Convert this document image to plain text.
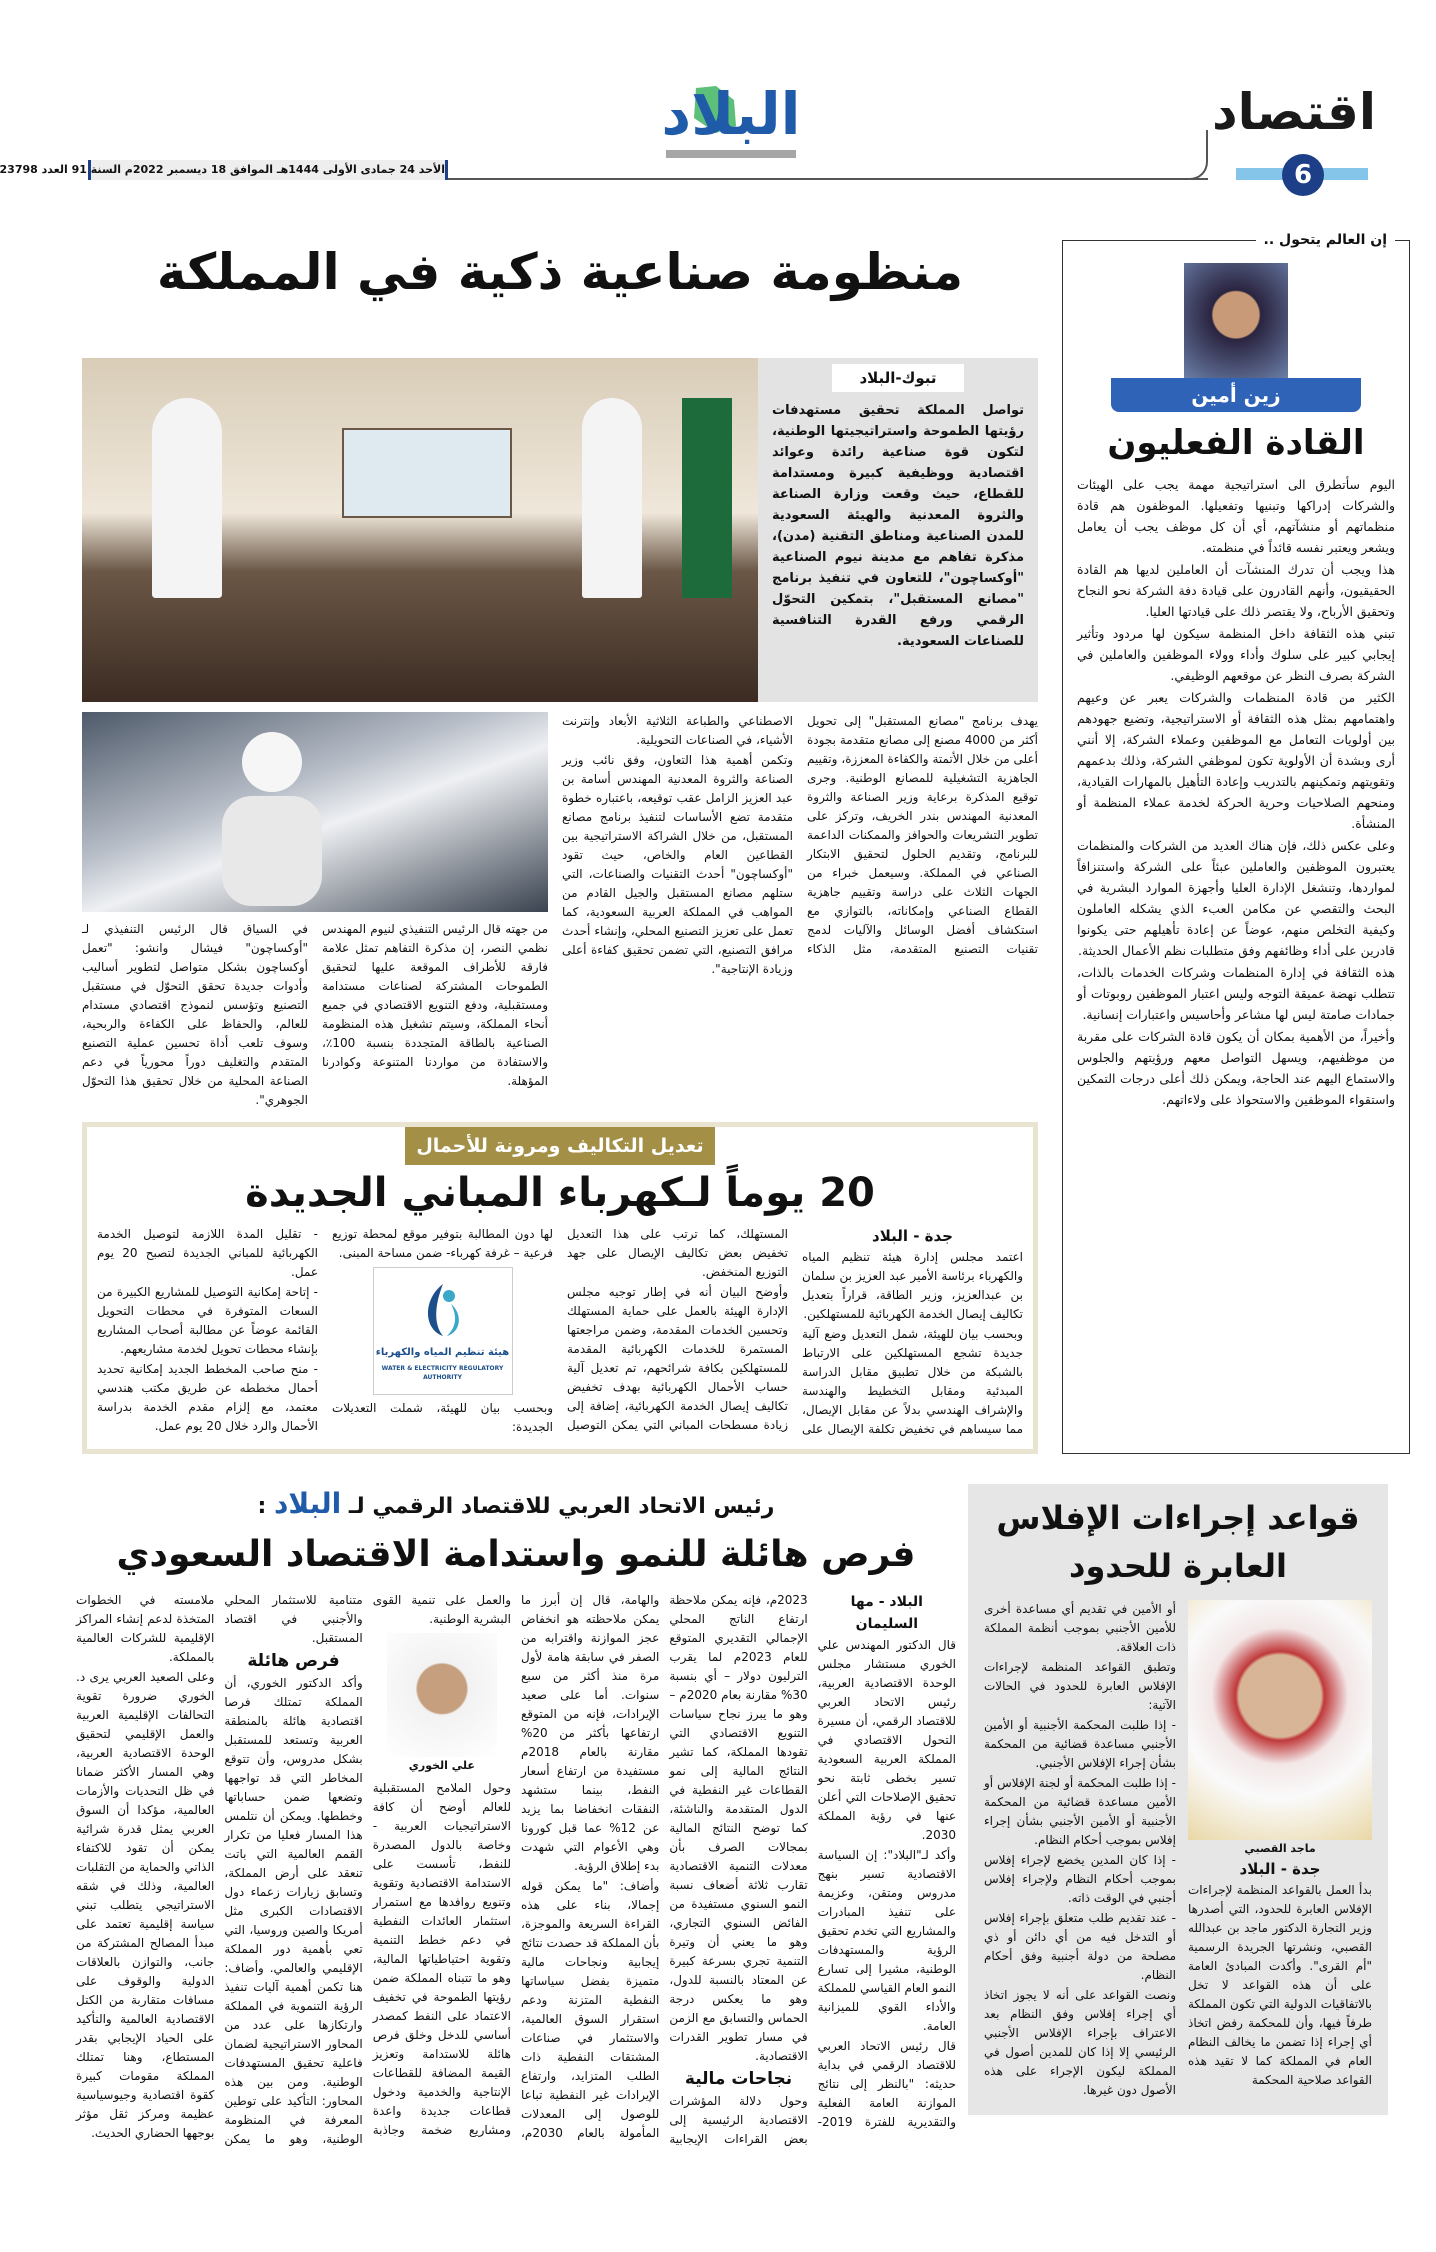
البلاد	اقتصاد
6
الأحد 24 جمادى الأولى 1444هـ الموافق 18 ديسمبر 2022م السنة 91 العدد 23798
إن العالم يتحول ..
زين أمين
القادة الفعليون

اليوم سأتطرق الى استراتيجية مهمة يجب على الهيئات والشركات إدراكها وتبنيها وتفعيلها. الموظفون هم قادة منظماتهم أو منشآتهم، أي أن كل موظف يجب أن يعامل ويشعر ويعتبر نفسه قائداً في منظمته.

هذا ويجب أن تدرك المنشآت أن العاملين لديها هم القادة الحقيقيون، وأنهم القادرون على قيادة دفة الشركة نحو النجاح وتحقيق الأرباح، ولا يقتصر ذلك على قيادتها العليا.

تبني هذه الثقافة داخل المنظمة سيكون لها مردود وتأثير إيجابي كبير على سلوك وأداء وولاء الموظفين والعاملين في الشركة بصرف النظر عن موقعهم الوظيفي.

الكثير من قادة المنظمات والشركات يعبر عن وعيهم واهتمامهم بمثل هذه الثقافة أو الاستراتيجية، وتضيع جهودهم بين أولويات التعامل مع الموظفين وعملاء الشركة، إلا أنني أرى وبشدة أن الأولوية تكون لموظفي الشركة، وذلك بدعمهم وتقويتهم وتمكينهم بالتدريب وإعادة التأهيل بالمهارات القيادية، ومنحهم الصلاحيات وحرية الحركة لخدمة عملاء المنظمة أو المنشأة.

وعلى عكس ذلك، فإن هناك العديد من الشركات والمنظمات يعتبرون الموظفين والعاملين عبئاً على الشركة واستنزافاً لمواردها، وتنشغل الإدارة العليا وأجهزة الموارد البشرية في البحث والتقصي عن مكامن العبء الذي يشكله العاملون وكيفية التخلص منهم، عوضاً عن إعادة تأهيلهم حتى يكونوا قادرين على أداء وظائفهم وفق متطلبات نظم الأعمال الحديثة.

هذه الثقافة في إدارة المنظمات وشركات الخدمات بالذات، تتطلب نهضة عميقة التوجه وليس اعتبار الموظفين روبوتات أو جمادات صامتة ليس لها مشاعر وأحاسيس واعتبارات إنسانية.

وأخيراً، من الأهمية بمكان أن يكون قادة الشركات على مقربة من موظفيهم، ويسهل التواصل معهم ورؤيتهم والجلوس والاستماع اليهم عند الحاجة، ويمكن ذلك أعلى درجات التمكين واستقواء الموظفين والاستحواذ على ولاءاتهم.

منظومة صناعية ذكية في المملكة
تبوك-البلاد
تواصل المملكة تحقيق مستهدفات رؤيتها الطموحة واستراتيجيتها الوطنية، لتكون قوة صناعية رائدة وعوائد اقتصادية ووظيفية كبيرة ومستدامة للقطاع، حيث وقعت وزارة الصناعة والثروة المعدنية والهيئة السعودية للمدن الصناعية ومناطق التقنية (مدن)، مذكرة تفاهم مع مدينة نيوم الصناعية "أوكساچون"، للتعاون في تنفيذ برنامج "مصانع المستقبل"، بتمكين التحوّل الرقمي ورفع القدرة التنافسية للصناعات السعودية.

يهدف برنامج "مصانع المستقبل" إلى تحويل أكثر من 4000 مصنع إلى مصانع متقدمة بجودة أعلى من خلال الأتمتة والكفاءة المعززة، وتقييم الجاهزية التشغيلية للمصانع الوطنية. وجرى توقيع المذكرة برعاية وزير الصناعة والثروة المعدنية المهندس بندر الخريف، وتركز على تطوير التشريعات والحوافز والممكنات الداعمة للبرنامج، وتقديم الحلول لتحقيق الابتكار الصناعي في المملكة. وسيعمل خبراء من الجهات الثلاث على دراسة وتقييم جاهزية القطاع الصناعي وإمكاناته، بالتوازي مع استكشاف أفضل الوسائل والآليات لدمج تقنيات التصنيع المتقدمة، مثل الذكاء الاصطناعي والطباعة الثلاثية الأبعاد وإنترنت الأشياء، في الصناعات التحويلية.

وتكمن أهمية هذا التعاون، وفق نائب وزير الصناعة والثروة المعدنية المهندس أسامة بن عبد العزيز الزامل عقب توقيعه، باعتباره خطوة متقدمة تضع الأساسات لتنفيذ برنامج مصانع المستقبل، من خلال الشراكة الاستراتيجية بين القطاعين العام والخاص، حيث تقود "أوكساچون" أحدث التقنيات والصناعات، التي ستلهم مصانع المستقبل والجيل القادم من المواهب في المملكة العربية السعودية، كما تعمل على تعزيز التصنيع المحلي، وإنشاء أحدث مرافق التصنيع، التي تضمن تحقيق كفاءة أعلى وزيادة الإنتاجية".

من جهته قال الرئيس التنفيذي لنيوم المهندس نظمي النصر، إن مذكرة التفاهم تمثل علامة فارقة للأطراف الموقعة عليها لتحقيق الطموحات المشتركة لصناعات مستدامة ومستقبلية، ودفع التنويع الاقتصادي في جميع أنحاء المملكة، وسيتم تشغيل هذه المنظومة الصناعية بالطاقة المتجددة بنسبة 100٪، والاستفادة من مواردنا المتنوعة وكوادرنا المؤهلة.

في السياق قال الرئيس التنفيذي لـ "أوكساچون" فيشال وانشو: "تعمل أوكساچون بشكل متواصل لتطوير أساليب وأدوات جديدة تحقق التحوّل في مستقبل التصنيع وتؤسس لنموذج اقتصادي مستدام للعالم، والحفاظ على الكفاءة والربحية، وسوف تلعب أداة تحسين عملية التصنيع المتقدم والتغليف دوراً محورياً في دعم الصناعة المحلية من خلال تحقيق هذا التحوّل الجوهري".

تعديل التكاليف ومرونة للأحمال
20 يوماً لـكهرباء المباني الجديدة

جدة - البلاد

اعتمد مجلس إدارة هيئة تنظيم المياه والكهرباء برئاسة الأمير عبد العزيز بن سلمان بن عبدالعزيز، وزير الطاقة، قراراً بتعديل تكاليف إيصال الخدمة الكهربائية للمستهلكين.

وبحسب بيان للهيئة، شمل التعديل وضع آلية جديدة تشجع المستهلكين على الارتباط بالشبكة من خلال تطبيق مقابل الدراسة المبدئية ومقابل التخطيط والهندسة والإشراف الهندسي بدلاً عن مقابل الإيصال، مما سيساهم في تخفيض تكلفة الإيصال على المستهلك، كما ترتب على هذا التعديل تخفيض بعض تكاليف الإيصال على جهد التوزيع المنخفض.

وأوضح البيان أنه في إطار توجيه مجلس الإدارة الهيئة بالعمل على حماية المستهلك وتحسين الخدمات المقدمة، وضمن مراجعتها المستمرة للخدمات الكهربائية المقدمة للمستهلكين بكافة شرائحهم، تم تعديل آلية حساب الأحمال الكهربائية بهدف تخفيض تكاليف إيصال الخدمة الكهربائية، إضافة إلى زيادة مسطحات المباني التي يمكن التوصيل لها دون المطالبة بتوفير موقع لمحطة توزيع فرعية – غرفة كهرباء- ضمن مساحة المبنى.

هيئة تنظيم المياه والكهرباء
WATER & ELECTRICITY REGULATORY AUTHORITY

وبحسب بيان للهيئة، شملت التعديلات الجديدة:

- تقليل المدة اللازمة لتوصيل الخدمة الكهربائية للمباني الجديدة لتصبح 20 يوم عمل.

- إتاحة إمكانية التوصيل للمشاريع الكبيرة من السعات المتوفرة في محطات التحويل القائمة عوضاً عن مطالبة أصحاب المشاريع بإنشاء محطات تحويل لخدمة مشاريعهم.

- منح صاحب المخطط الجديد إمكانية تحديد أحمال مخططه عن طريق مكتب هندسي معتمد، مع إلزام مقدم الخدمة بدراسة الأحمال والرد خلال 20 يوم عمل.

قواعد إجراءات الإفلاس العابرة للحدود
ماجد القصبي

جدة - البلاد

بدأ العمل بالقواعد المنظمة لإجراءات الإفلاس العابرة للحدود، التي أصدرها وزير التجارة الدكتور ماجد بن عبدالله القصبي، ونشرتها الجريدة الرسمية "أم القرى". وأكدت المبادئ العامة على أن هذه القواعد لا تخل بالاتفاقيات الدولية التي تكون المملكة طرفاً فيها، وأن للمحكمة رفض اتخاذ أي إجراء إذا تضمن ما يخالف النظام العام في المملكة كما لا تقيد هذه القواعد صلاحية المحكمة

أو الأمين في تقديم أي مساعدة أخرى للأمين الأجنبي بموجب أنظمة المملكة ذات العلاقة.

وتطبق القواعد المنظمة لإجراءات الإفلاس العابرة للحدود في الحالات الآتية:

- إذا طلبت المحكمة الأجنبية أو الأمين الأجنبي مساعدة قضائية من المحكمة بشأن إجراء الإفلاس الأجنبي.

- إذا طلبت المحكمة أو لجنة الإفلاس أو الأمين مساعدة قضائية من المحكمة الأجنبية أو الأمين الأجنبي بشأن إجراء إفلاس بموجب أحكام النظام.

- إذا كان المدين يخضع لإجراء إفلاس بموجب أحكام النظام ولإجراء إفلاس أجنبي في الوقت ذاته.

- عند تقديم طلب متعلق بإجراء إفلاس أو التدخل فيه من أي دائن أو ذي مصلحة من دولة أجنبية وفق أحكام النظام.

ونصت القواعد على أنه لا يجوز اتخاذ أي إجراء إفلاس وفق النظام بعد الاعتراف بإجراء الإفلاس الأجنبي الرئيسي إلا إذا كان للمدين أصول في المملكة ليكون الإجراء على هذه الأصول دون غيرها.

رئيس الاتحاد العربي للاقتصاد الرقمي لـ البلاد :
فرص هائلة للنمو واستدامة الاقتصاد السعودي

البلاد - مها السليمان

قال الدكتور المهندس علي الخوري مستشار مجلس الوحدة الاقتصادية العربية، رئيس الاتحاد العربي للاقتصاد الرقمي، أن مسيرة التحول الاقتصادي في المملكة العربية السعودية تسير بخطى ثابتة نحو تحقيق الإصلاحات التي أعلن عنها في رؤية المملكة 2030.

وأكد لـ"البلاد": إن السياسة الاقتصادية تسير بنهج مدروس ومتقن، وعزيمة على تنفيذ المبادرات والمشاريع التي تخدم تحقيق الرؤية والمستهدفات الوطنية، مشيرا إلى تسارع النمو العام القياسي للمملكة والأداء القوي للميزانية العامة.

قال رئيس الاتحاد العربي للاقتصاد الرقمي في بداية حديثه: "بالنظر إلى نتائج الموازنة العامة الفعلية والتقديرية للفترة 2019-2023م، فإنه يمكن ملاحظة ارتفاع الناتج المحلي الإجمالي التقديري المتوقع للعام 2023م لما يقرب الترليون دولار – أي بنسبة 30% مقارنة بعام 2020م – وهو ما يبرز نجاح سياسات التنويع الاقتصادي التي تقودها المملكة، كما تشير النتائج المالية إلى نمو القطاعات غير النفطية في الدول المتقدمة والناشئة، كما توضح النتائج المالية بمجالات الصرف بأن معدلات التنمية الاقتصادية تقارب ثلاثة أضعاف نسبة النمو السنوي مستفيدة من الفائض السنوي التجاري، وهو ما يعني أن وتيرة التنمية تجري بسرعة كبيرة عن المعتاد بالنسبة للدول، وهو ما يعكس درجة الحماس والتسابق مع الزمن في مسار تطوير القدرات الاقتصادية.

نجاحات مالية

وحول دلالة المؤشرات الاقتصادية الرئيسية إلى بعض القراءات الإيجابية والهامة، قال إن أبرز ما يمكن ملاحظته هو انخفاض عجز الموازنة واقترابه من الصفر في سابقة هامة لأول مرة منذ أكثر من سبع سنوات. أما على صعيد الإيرادات، فإنه من المتوقع ارتفاعها بأكثر من 20% مقارنة بالعام 2018م مستفيدة من ارتفاع أسعار النفط، بينما ستشهد النفقات انخفاضا بما يزيد عن 12% عما قبل كورونا وهي الأعوام التي شهدت بدء إطلاق الرؤية.

وأضاف: "ما يمكن قوله إجمالا، بناء على هذه القراءة السريعة والموجزة، بأن المملكة قد حصدت نتائج إيجابية ونجاحات مالية متميزة بفضل سياساتها النفطية المتزنة ودعم استقرار السوق العالمية، والاستثمار في صناعات المشتقات النفطية ذات الطلب المتزايد، وارتفاع الإيرادات غير النفطية تباعا للوصول إلى المعدلات المأمولة بالعام 2030م، والعمل على تنمية القوى البشرية الوطنية.

علي الخوري

وحول الملامح المستقبلية للعالم أوضح أن كافة الاستراتيجيات العربية - وخاصة بالدول المصدرة للنفط، تأسست على الاستدامة الاقتصادية وتقوية وتنويع روافدها مع استمرار استثمار العائدات النفطية في دعم خطط التنمية وتقوية احتياطياتها المالية، وهو ما تتبناه المملكة ضمن رؤيتها الطموحة في تخفيف الاعتماد على النفط كمصدر أساسي للدخل وخلق فرص هائلة للاستدامة وتعزيز القيمة المضافة للقطاعات الإنتاجية والخدمية ودخول قطاعات جديدة واعدة ومشاريع ضخمة وجاذبة متنامية للاستثمار المحلي والأجنبي في اقتصاد المستقبل.

فرص هائلة

وأكد الدكتور الخوري، أن المملكة تمتلك فرصا اقتصادية هائلة بالمنطقة العربية وتستعد للمستقبل بشكل مدروس، وأن تتوقع المخاطر التي قد تواجهها وتضعها ضمن حساباتها وخططها. ويمكن أن نتلمس هذا المسار فعليا من تكرار القمم العالمية التي باتت تنعقد على أرض المملكة، وتسابق زيارات زعماء دول الاقتصادات الكبرى مثل أمريكا والصين وروسيا، التي تعي بأهمية دور المملكة الإقليمي والعالمي. وأضاف: هنا تكمن أهمية آليات تنفيذ الرؤية التنموية في المملكة وارتكازها على عدد من المحاور الاستراتيجية لضمان فاعلية تحقيق المستهدفات الوطنية. ومن بين هذه المحاور: التأكيد على توطين المعرفة في المنظومة الوطنية، وهو ما يمكن ملامسته في الخطوات المتخذة لدعم إنشاء المراكز الإقليمية للشركات العالمية بالمملكة.

وعلى الصعيد العربي يرى د. الخوري ضرورة تقوية التحالفات الإقليمية العربية والعمل الإقليمي لتحقيق الوحدة الاقتصادية العربية، وهي المسار الأكثر ضمانا في ظل التحديات والأزمات العالمية، مؤكدا أن السوق العربي يمثل قدرة شرائية يمكن أن تقود للاكتفاء الذاتي والحماية من التقلبات العالمية، وذلك في شقه الاستراتيجي يتطلب تبني سياسة إقليمية تعتمد على مبدأ المصالح المشتركة من جانب، والتوازن بالعلاقات الدولية والوقوف على مسافات متقاربة من الكتل الاقتصادية العالمية والتأكيد على الحياد الإيجابي بقدر المستطاع، وهنا تمتلك المملكة مقومات كبيرة كقوة اقتصادية وجيوسياسية عظيمة ومركز ثقل مؤثر بوجهها الحضاري الحديث.
